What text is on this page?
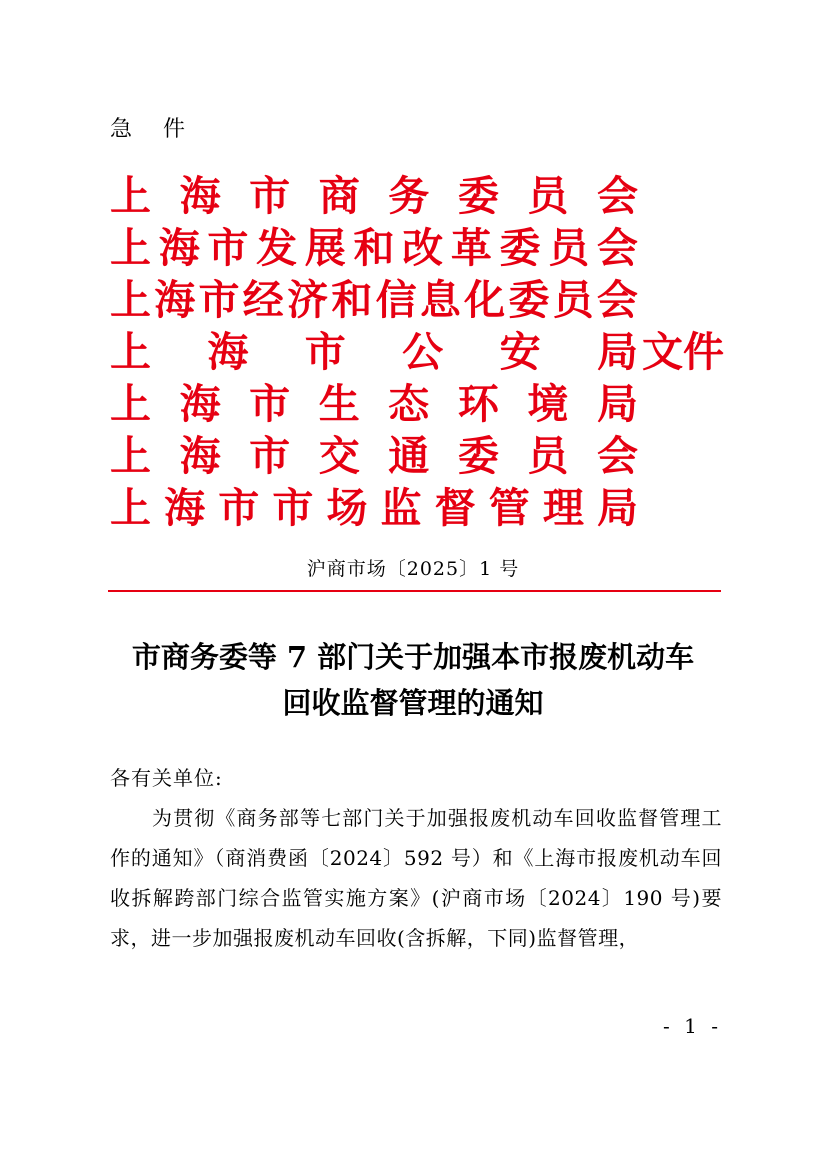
急 件
上 海 市 商 务 委 员 会
上 海 市 发 展 和 改 革 委 员 会
上 海 市 经 济 和 信 息 化 委 员 会
上 海 市 公 安 局 文件
上 海 市 生 态 环 境 局
上 海 市 交 通 委 员 会
上 海 市 市 场 监 督 管 理 局
沪商市场〔2025〕1 号
市商务委等 7 部门关于加强本市报废机动车
回收监督管理的通知

各有关单位:

为贯彻《商务部等七部门关于加强报废机动车回收监督管理工作的通知》（商消费函〔2024〕592 号）和《上海市报废机动车回收拆解跨部门综合监管实施方案》(沪商市场〔2024〕190 号)要求，进一步加强报废机动车回收(含拆解，下同)监督管理，

- 1 -
